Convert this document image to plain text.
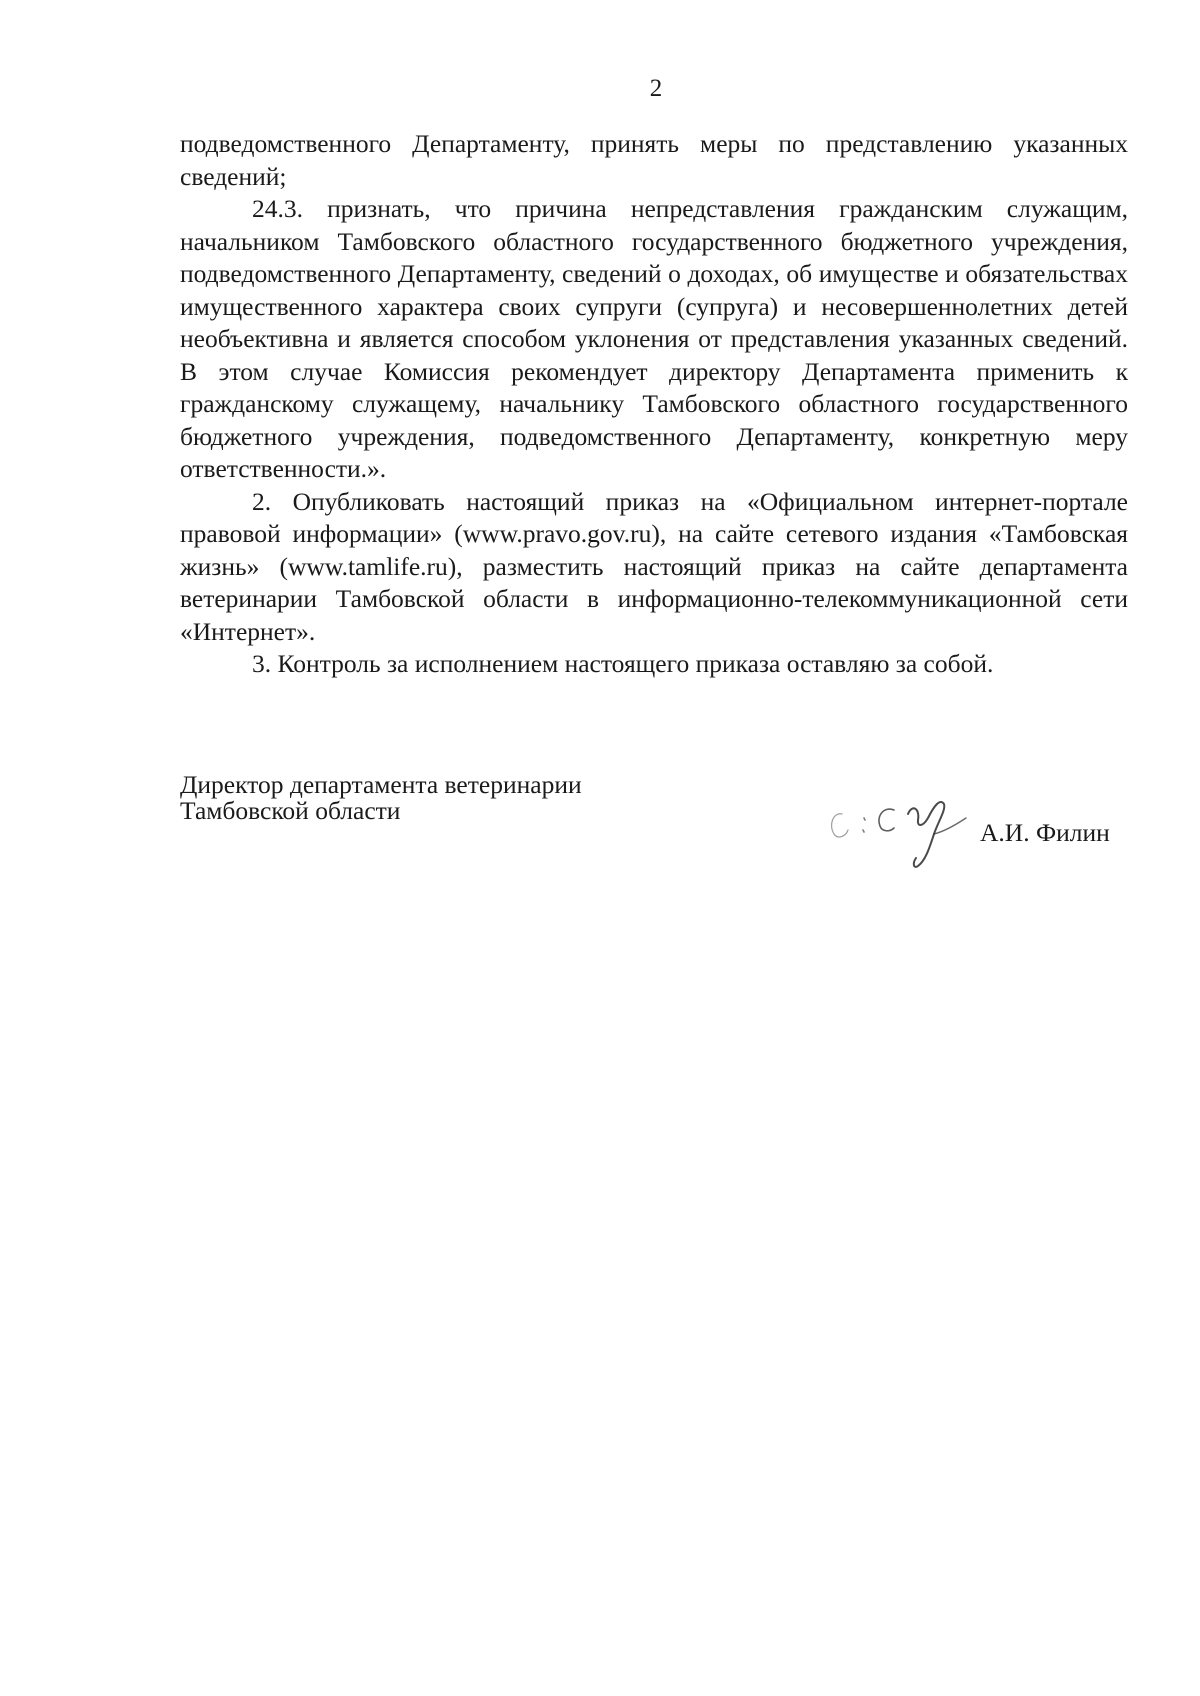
2

подведомственного Департаменту, принять меры по представлению указанных сведений;

24.3. признать, что причина непредставления гражданским служащим, начальником Тамбовского областного государственного бюджетного учреждения, подведомственного Департаменту, сведений о доходах, об имуществе и обязательствах имущественного характера своих супруги (супруга) и несовершеннолетних детей необъективна и является способом уклонения от представления указанных сведений. В этом случае Комиссия рекомендует директору Департамента применить к гражданскому служащему, начальнику Тамбовского областного государственного бюджетного учреждения, подведомственного Департаменту, конкретную меру ответственности.».

2. Опубликовать настоящий приказ на «Официальном интернет-портале правовой информации» (www.pravo.gov.ru), на сайте сетевого издания «Тамбовская жизнь» (www.tamlife.ru), разместить настоящий приказ на сайте департамента ветеринарии Тамбовской области в информационно-телекоммуникационной сети «Интернет».

3. Контроль за исполнением настоящего приказа оставляю за собой.

Директор департамента ветеринарии
Тамбовской области
А.И. Филин
